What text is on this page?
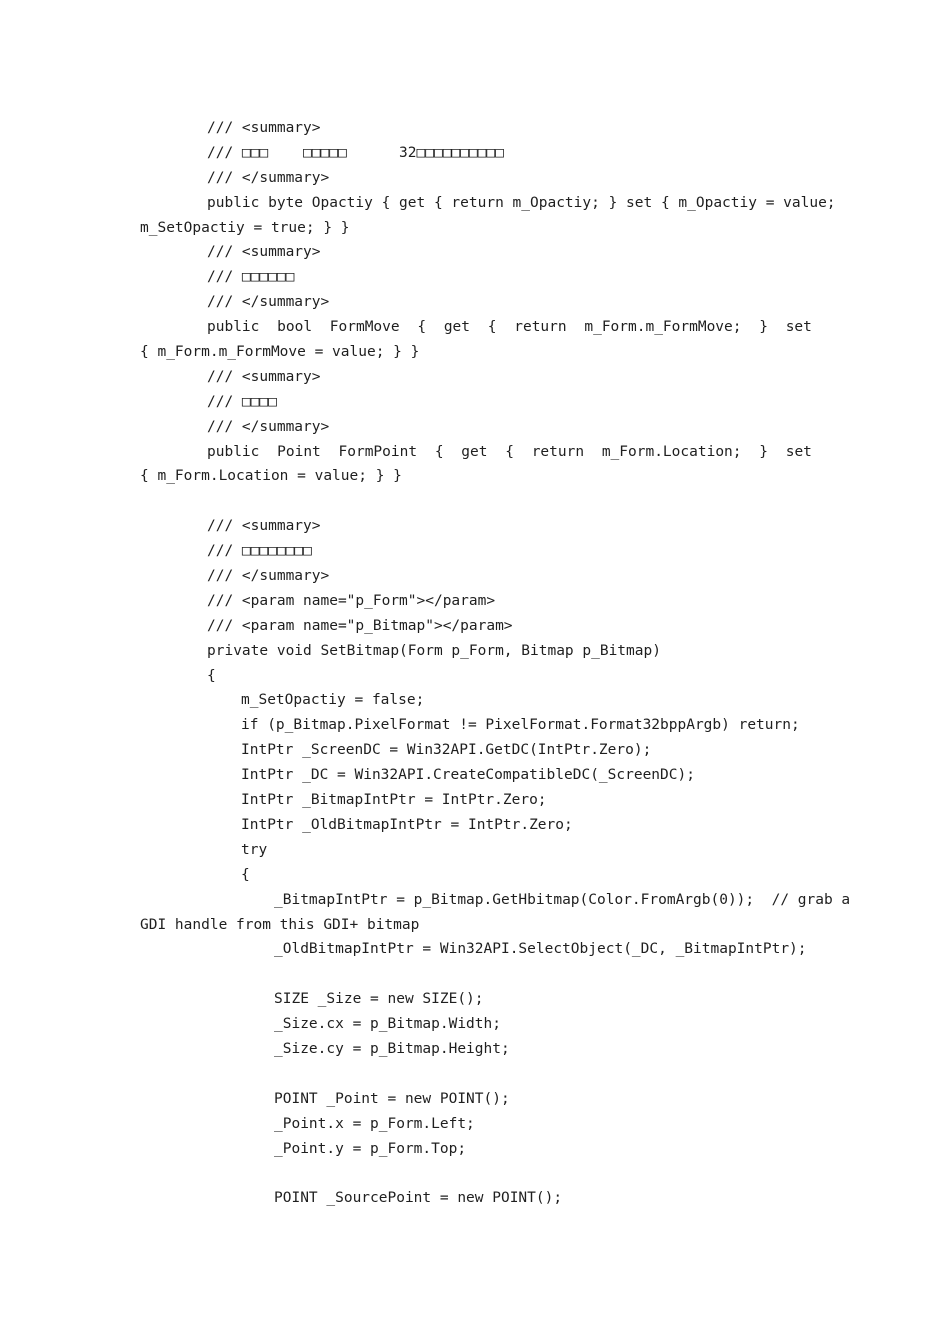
/// <summary>
/// □□□    □□□□□      32□□□□□□□□□□
/// </summary>
public byte Opactiy { get { return m_Opactiy; } set { m_Opactiy = value;
m_SetOpactiy = true; } }
/// <summary>
/// □□□□□□
/// </summary>
public bool FormMove { get { return m_Form.m_FormMove; } set
{ m_Form.m_FormMove = value; } }
/// <summary>
/// □□□□
/// </summary>
public Point FormPoint { get { return m_Form.Location; } set
{ m_Form.Location = value; } }
/// <summary>
/// □□□□□□□□
/// </summary>
/// <param name="p_Form"></param>
/// <param name="p_Bitmap"></param>
private void SetBitmap(Form p_Form, Bitmap p_Bitmap)
{
m_SetOpactiy = false;
if (p_Bitmap.PixelFormat != PixelFormat.Format32bppArgb) return;
IntPtr _ScreenDC = Win32API.GetDC(IntPtr.Zero);
IntPtr _DC = Win32API.CreateCompatibleDC(_ScreenDC);
IntPtr _BitmapIntPtr = IntPtr.Zero;
IntPtr _OldBitmapIntPtr = IntPtr.Zero;
try
{
_BitmapIntPtr = p_Bitmap.GetHbitmap(Color.FromArgb(0));  // grab a
GDI handle from this GDI+ bitmap
_OldBitmapIntPtr = Win32API.SelectObject(_DC, _BitmapIntPtr);
SIZE _Size = new SIZE();
_Size.cx = p_Bitmap.Width;
_Size.cy = p_Bitmap.Height;
POINT _Point = new POINT();
_Point.x = p_Form.Left;
_Point.y = p_Form.Top;
POINT _SourcePoint = new POINT();
